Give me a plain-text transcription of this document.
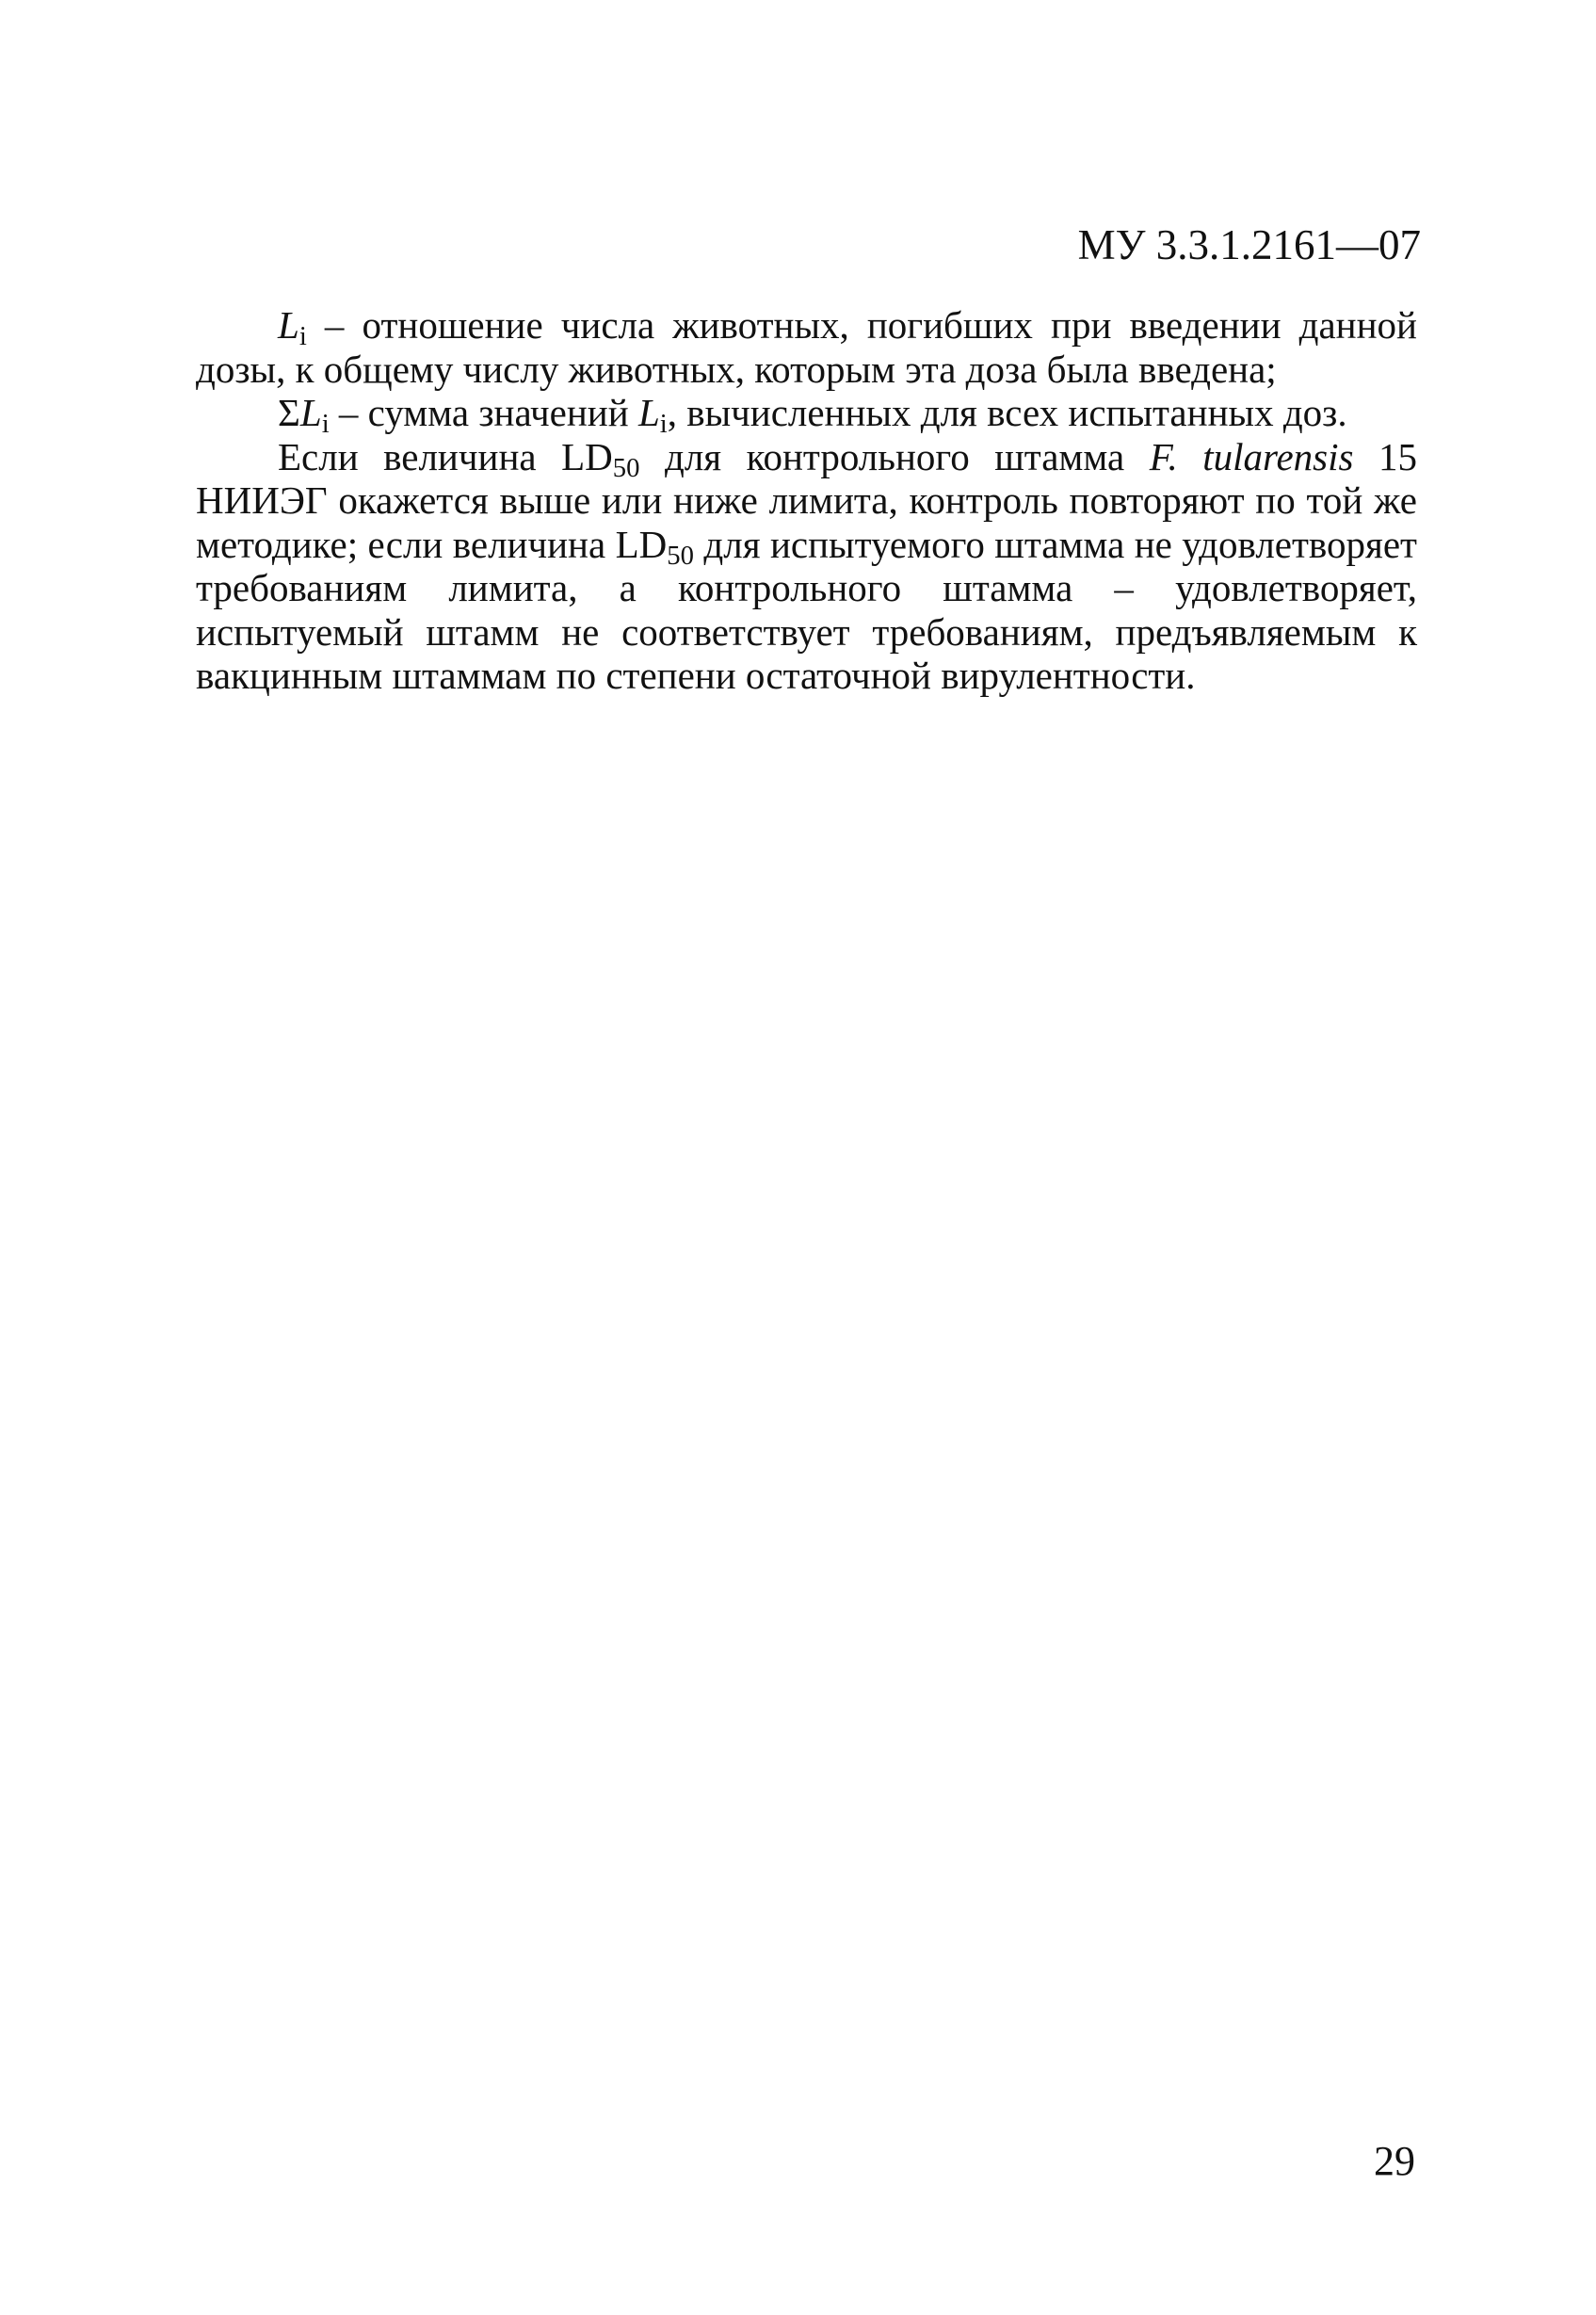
МУ 3.3.1.2161—07

$L_i$ – отношение числа животных, погибших при введении данной дозы, к общему числу животных, которым эта доза была введена;

$\Sigma L_i$ – сумма значений $L_i$, вычисленных для всех испытанных доз.

Если величина $LD_{50}$ для контрольного штамма F. tularensis 15 НИИЭГ окажется выше или ниже лимита, контроль повторяют по той же методике; если величина $LD_{50}$ для испытуемого штамма не удовлетворяет требованиям лимита, а контрольного штамма – удовлетворяет, испытуемый штамм не соответствует требованиям, предъявляемым к вакцинным штаммам по степени остаточной вирулентности.

29
